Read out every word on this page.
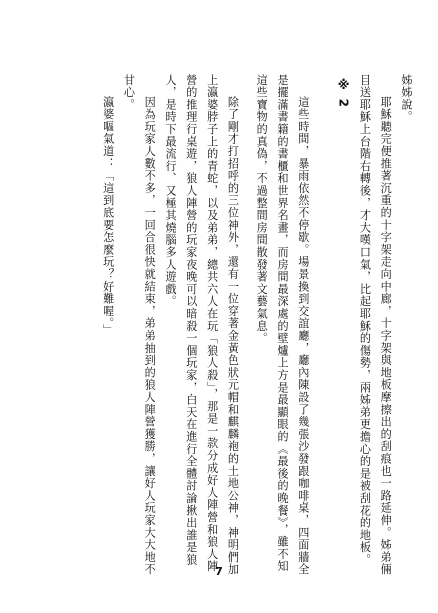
姊姊說。

耶穌聽完便推著沉重的十字架走向中廊，十字架與地板摩擦出的刮痕也一路延伸。姊弟倆目送耶穌上台階右轉後，才大嘆口氣，比起耶穌的傷勢，兩姊弟更擔心的是被刮花的地板。

※ 2

這些時間，暴雨依然不停歇。場景換到交誼廳，廳內陳設了幾張沙發跟咖啡桌，四面牆全是擺滿書籍的書櫃和世界名畫，而房間最深處的壁爐上方是最顯眼的《最後的晚餐》，雖不知這些寶物的真偽，不過整間房間散發著文藝氣息。

除了剛才打招呼的三位神外，還有一位穿著金黃色狀元帽和麒麟袍的土地公神，神明們加上瀛婆脖子上的青蛇，以及弟弟，總共六人在玩「狼人殺」，那是一款分成好人陣營和狼人陣營的推理行桌遊，狼人陣營的玩家夜晚可以暗殺一個玩家，白天在進行全體討論揪出誰是狼人，是時下最流行、又極其燒腦多人遊戲。

因為玩家人數不多，一回合很快就結束，弟弟抽到的狼人陣營獲勝，讓好人玩家大大地不甘心。

瀛婆嘔氣道：「這到底要怎麼玩？好難喔。」

7
